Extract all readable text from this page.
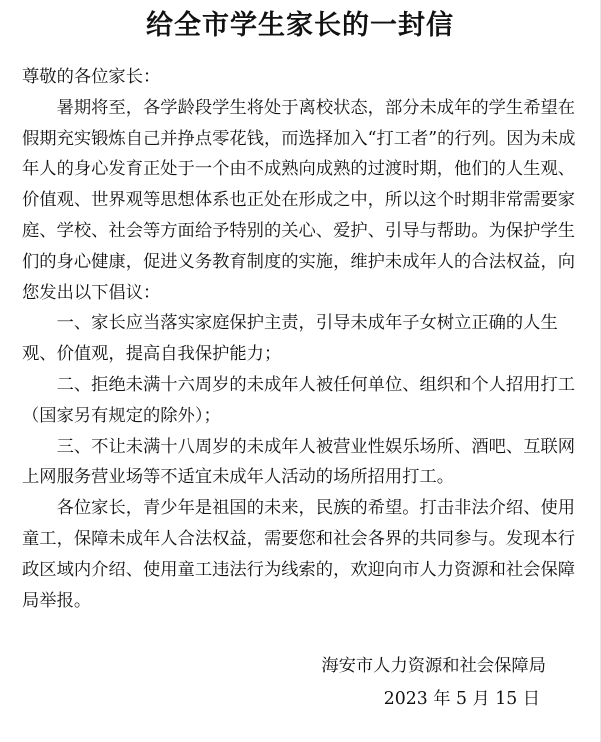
给全市学生家长的一封信

尊敬的各位家长：

暑期将至，各学龄段学生将处于离校状态，部分未成年的学生希望在假期充实锻炼自己并挣点零花钱，而选择加入“打工者”的行列。因为未成年人的身心发育正处于一个由不成熟向成熟的过渡时期，他们的人生观、价值观、世界观等思想体系也正处在形成之中，所以这个时期非常需要家庭、学校、社会等方面给予特别的关心、爱护、引导与帮助。为保护学生们的身心健康，促进义务教育制度的实施，维护未成年人的合法权益，向您发出以下倡议：

一、家长应当落实家庭保护主责，引导未成年子女树立正确的人生观、价值观，提高自我保护能力；

二、拒绝未满十六周岁的未成年人被任何单位、组织和个人招用打工（国家另有规定的除外）；

三、不让未满十八周岁的未成年人被营业性娱乐场所、酒吧、互联网上网服务营业场等不适宜未成年人活动的场所招用打工。

各位家长，青少年是祖国的未来，民族的希望。打击非法介绍、使用童工，保障未成年人合法权益，需要您和社会各界的共同参与。发现本行政区域内介绍、使用童工违法行为线索的，欢迎向市人力资源和社会保障局举报。

海安市人力资源和社会保障局
2023 年 5 月 15 日
